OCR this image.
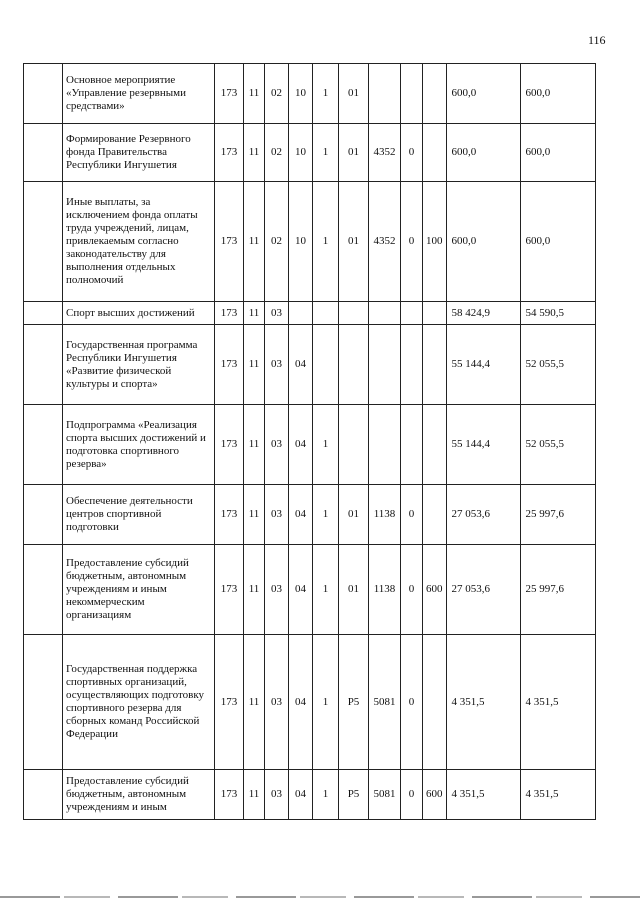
116
	Основное мероприятие «Управление резервными средствами»	173	11	02	10	1	01				600,0	600,0
	Формирование Резервного фонда Правительства Республики Ингушетия	173	11	02	10	1	01	4352	0		600,0	600,0
	Иные выплаты, за исключением фонда оплаты труда учреждений, лицам, привлекаемым согласно законодательству для выполнения отдельных полномочий	173	11	02	10	1	01	4352	0	100	600,0	600,0
	Спорт высших достижений	173	11	03							58 424,9	54 590,5
	Государственная программа Республики Ингушетия «Развитие физической культуры и спорта»	173	11	03	04						55 144,4	52 055,5
	Подпрограмма «Реализация спорта высших достижений и подготовка спортивного резерва»	173	11	03	04	1					55 144,4	52 055,5
	Обеспечение деятельности центров спортивной подготовки	173	11	03	04	1	01	1138	0		27 053,6	25 997,6
	Предоставление субсидий бюджетным, автономным учреждениям и иным некоммерческим организациям	173	11	03	04	1	01	1138	0	600	27 053,6	25 997,6
	Государственная поддержка спортивных организаций, осуществляющих подготовку спортивного резерва для сборных команд Российской Федерации	173	11	03	04	1	P5	5081	0		4 351,5	4 351,5
	Предоставление субсидий бюджетным, автономным учреждениям и иным	173	11	03	04	1	P5	5081	0	600	4 351,5	4 351,5
